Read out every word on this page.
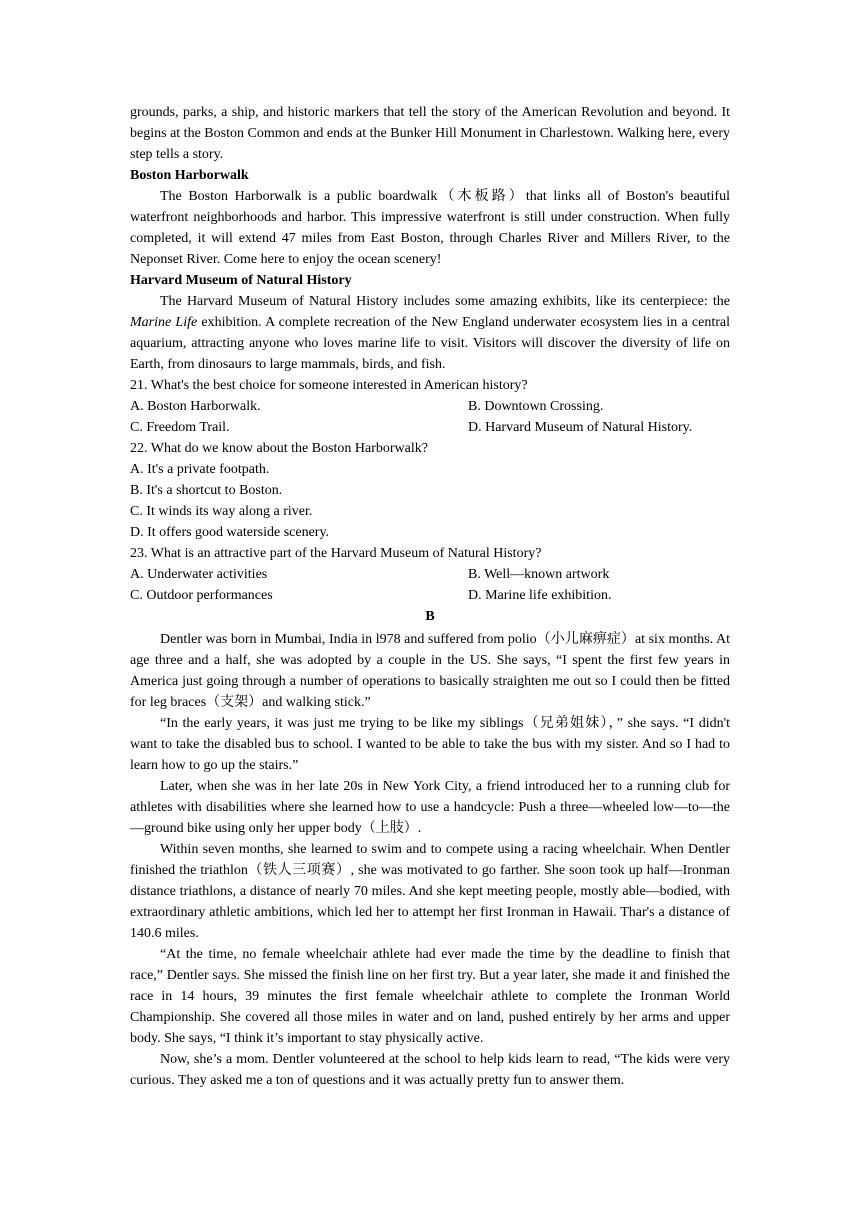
grounds, parks, a ship, and historic markers that tell the story of the American Revolution and beyond. It begins at the Boston Common and ends at the Bunker Hill Monument in Charlestown. Walking here, every step tells a story.

Boston Harborwalk

The Boston Harborwalk is a public boardwalk（木板路）that links all of Boston's beautiful waterfront neighborhoods and harbor. This impressive waterfront is still under construction. When fully completed, it will extend 47 miles from East Boston, through Charles River and Millers River, to the Neponset River. Come here to enjoy the ocean scenery!

Harvard Museum of Natural History

The Harvard Museum of Natural History includes some amazing exhibits, like its centerpiece: the Marine Life exhibition. A complete recreation of the New England underwater ecosystem lies in a central aquarium, attracting anyone who loves marine life to visit. Visitors will discover the diversity of life on Earth, from dinosaurs to large mammals, birds, and fish.

21. What's the best choice for someone interested in American history?
A. Boston Harborwalk.	B. Downtown Crossing.
C. Freedom Trail.	D. Harvard Museum of Natural History.
22. What do we know about the Boston Harborwalk?
A. It's a private footpath.
B. It's a shortcut to Boston.
C. It winds its way along a river.
D. It offers good waterside scenery.
23. What is an attractive part of the Harvard Museum of Natural History?
A. Underwater activities	B. Well—known artwork
C. Outdoor performances	D. Marine life exhibition.
B

Dentler was born in Mumbai, India in l978 and suffered from polio（小儿麻痹症）at six months. At age three and a half, she was adopted by a couple in the US. She says, “I spent the first few years in America just going through a number of operations to basically straighten me out so I could then be fitted for leg braces（支架）and walking stick.”

“In the early years, it was just me trying to be like my siblings（兄弟姐妹），” she says. “I didn't want to take the disabled bus to school. I wanted to be able to take the bus with my sister. And so I had to learn how to go up the stairs.”

Later, when she was in her late 20s in New York City, a friend introduced her to a running club for athletes with disabilities where she learned how to use a handcycle: Push a three—wheeled low—to—the—ground bike using only her upper body（上肢）.

Within seven months, she learned to swim and to compete using a racing wheelchair. When Dentler finished the triathlon（铁人三项赛）, she was motivated to go farther. She soon took up half—Ironman distance triathlons, a distance of nearly 70 miles. And she kept meeting people, mostly able—bodied, with extraordinary athletic ambitions, which led her to attempt her first Ironman in Hawaii. Thar's a distance of 140.6 miles.

“At the time, no female wheelchair athlete had ever made the time by the deadline to finish that race,” Dentler says. She missed the finish line on her first try. But a year later, she made it and finished the race in 14 hours, 39 minutes the first female wheelchair athlete to complete the Ironman World Championship. She covered all those miles in water and on land, pushed entirely by her arms and upper body. She says, “I think it’s important to stay physically active.

Now, she’s a mom. Dentler volunteered at the school to help kids learn to read, “The kids were very curious. They asked me a ton of questions and it was actually pretty fun to answer them.
